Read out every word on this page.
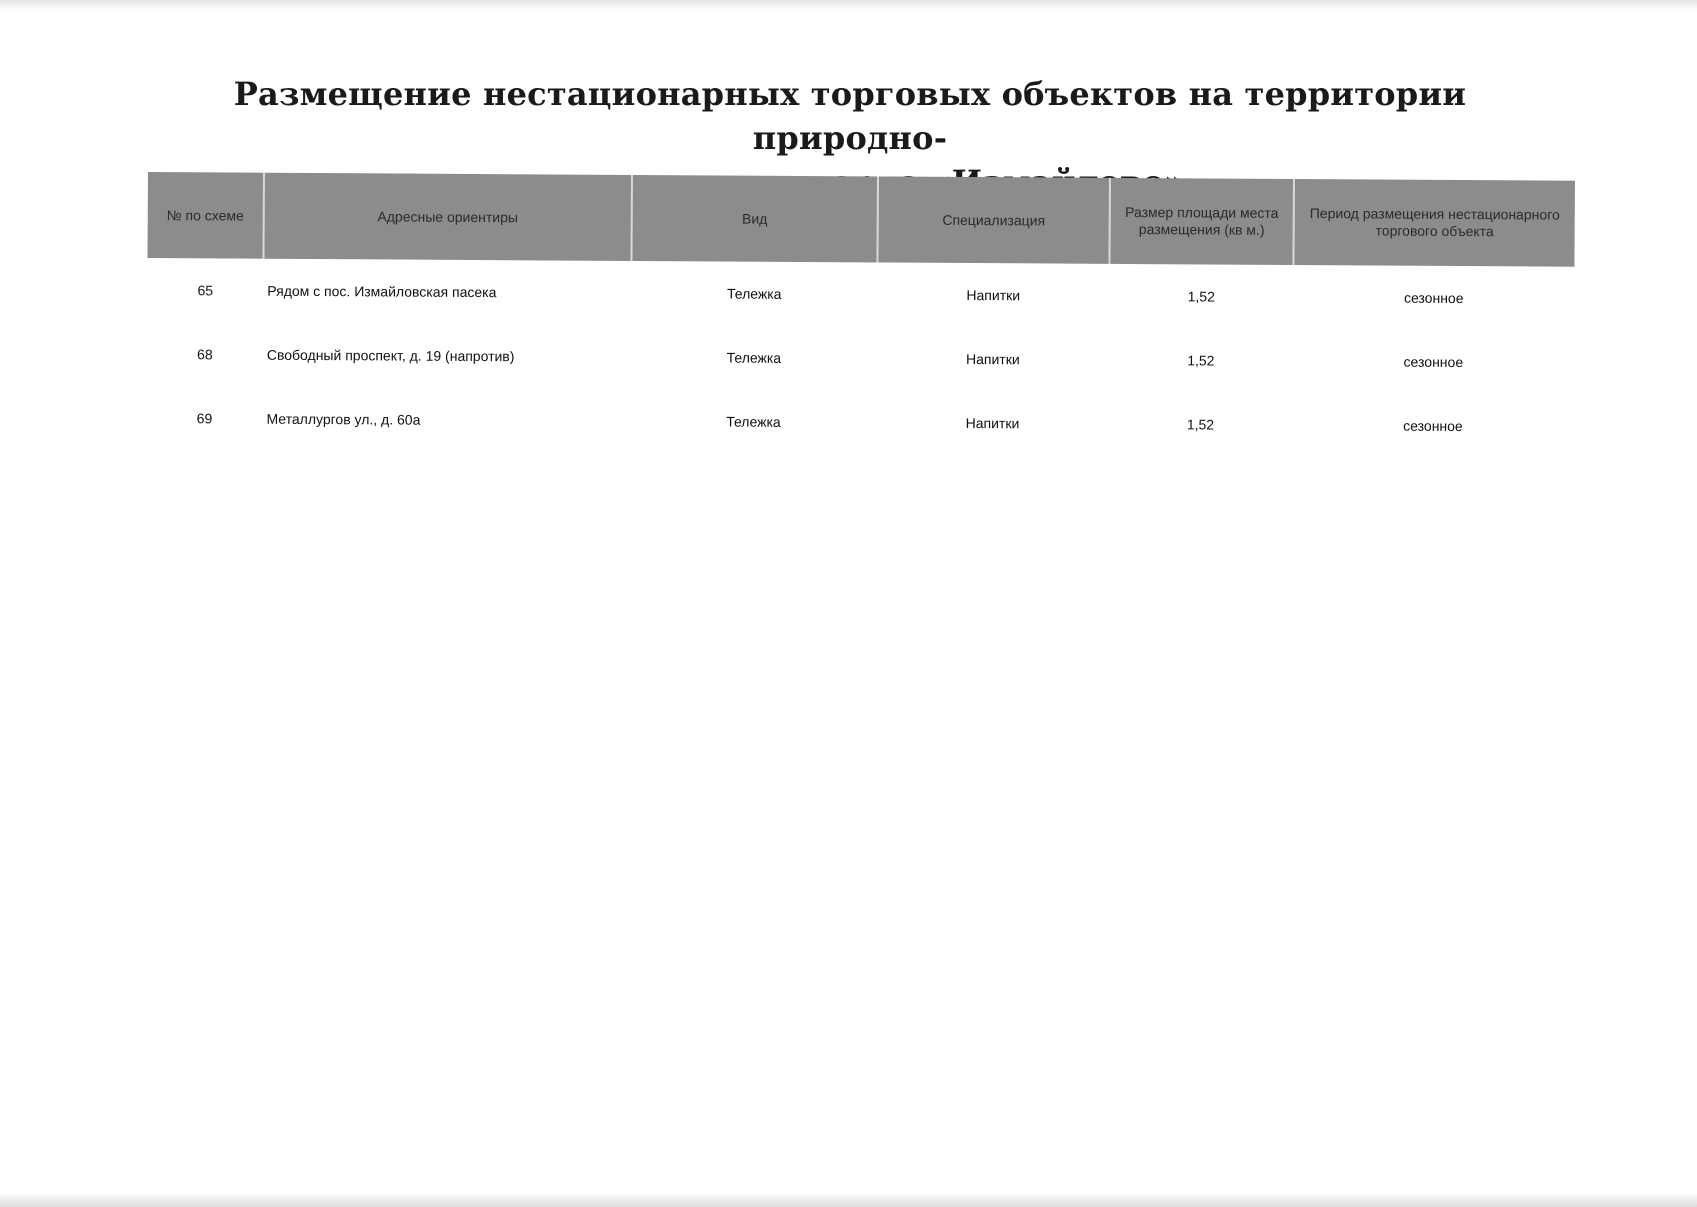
Размещение нестационарных торговых объектов на территории природно-
№ по схеме	Адресные ориентиры	Вид	Специализация	Размер площади места размещения (кв м.)	Период размещения нестационарного торгового объекта
65	Рядом с пос. Измайловская пасека	Тележка	Напитки	1,52	сезонное
68	Свободный проспект, д. 19 (напротив)	Тележка	Напитки	1,52	сезонное
69	Металлургов ул., д. 60а	Тележка	Напитки	1,52	сезонное
